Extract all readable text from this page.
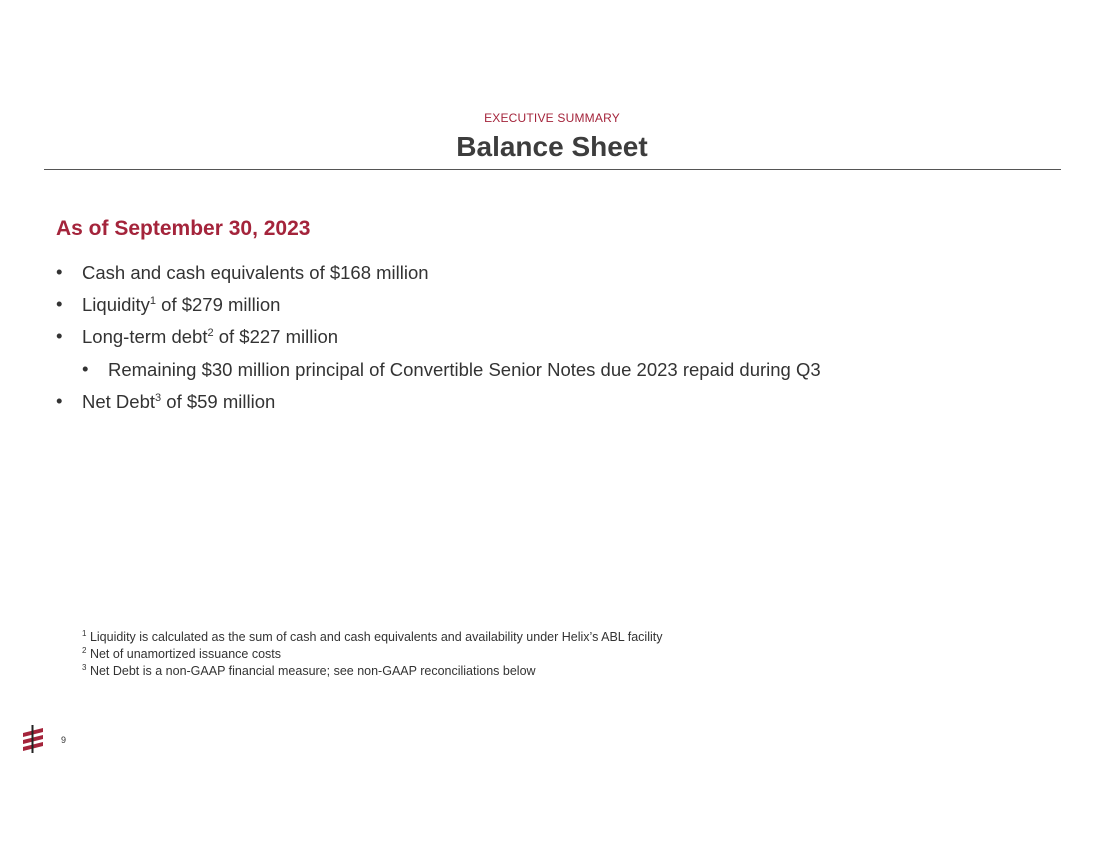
EXECUTIVE SUMMARY
Balance Sheet
As of September 30, 2023
• Cash and cash equivalents of $168 million
• Liquidity$^1$ of $279 million
• Long-term debt$^2$ of $227 million
• Remaining $30 million principal of Convertible Senior Notes due 2023 repaid during Q3
• Net Debt$^3$ of $59 million
$^1$ Liquidity is calculated as the sum of cash and cash equivalents and availability under Helix’s ABL facility
$^2$ Net of unamortized issuance costs
$^3$ Net Debt is a non-GAAP financial measure; see non-GAAP reconciliations below
9
